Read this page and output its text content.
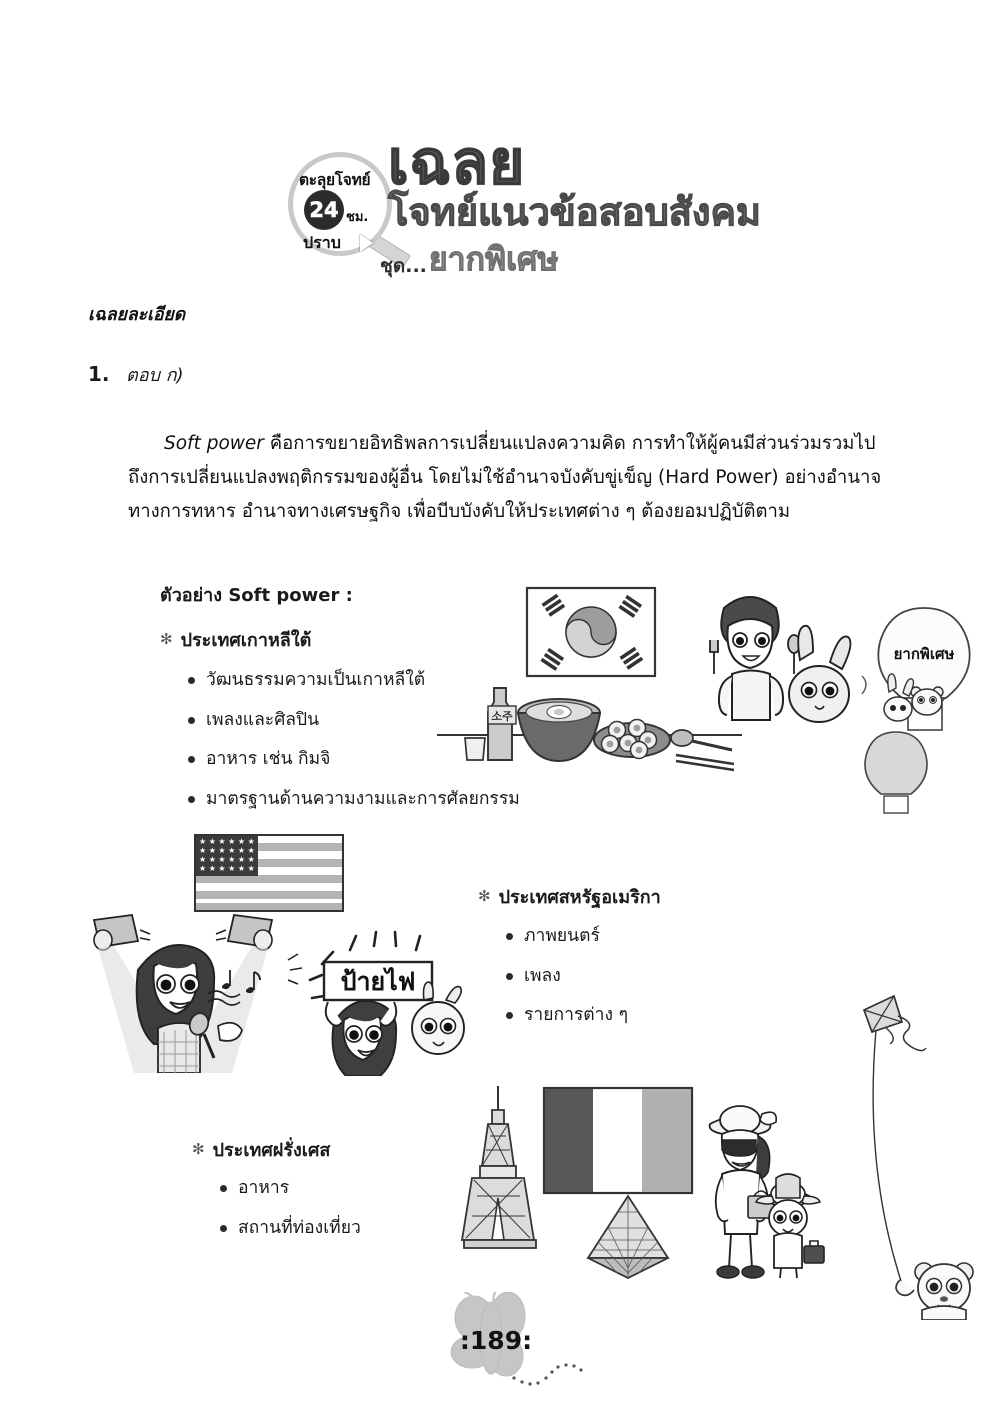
ตะลุยโจทย์
24 ชม.
ปราบ
เฉลย
โจทย์แนวข้อสอบสังคม
ชุด... ยากพิเศษ
เฉลยละเอียด
1. ตอบ ก)

Soft power คือการขยายอิทธิพลการเปลี่ยนแปลงความคิด การทำให้ผู้คนมีส่วนร่วมรวมไปถึงการเปลี่ยนแปลงพฤติกรรมของผู้อื่น โดยไม่ใช้อำนาจบังคับขู่เข็ญ (Hard Power) อย่างอำนาจทางการทหาร อำนาจทางเศรษฐกิจ เพื่อบีบบังคับให้ประเทศต่าง ๆ ต้องยอมปฏิบัติตาม

ตัวอย่าง Soft power :
✻ ประเทศเกาหลีใต้
วัฒนธรรมความเป็นเกาหลีใต้
เพลงและศิลปิน
อาหาร เช่น กิมจิ
มาตรฐานด้านความงามและการศัลยกรรม
✻ ประเทศสหรัฐอเมริกา
ภาพยนตร์
เพลง
รายการต่าง ๆ
✻ ประเทศฝรั่งเศส
อาหาร
สถานที่ท่องเที่ยว
소주
ยากพิเศษ
★ ★ ★ ★ ★ ★
★ ★ ★ ★ ★ ★
★ ★ ★ ★ ★ ★
★ ★ ★ ★ ★ ★
ป้ายไฟ
:189:
